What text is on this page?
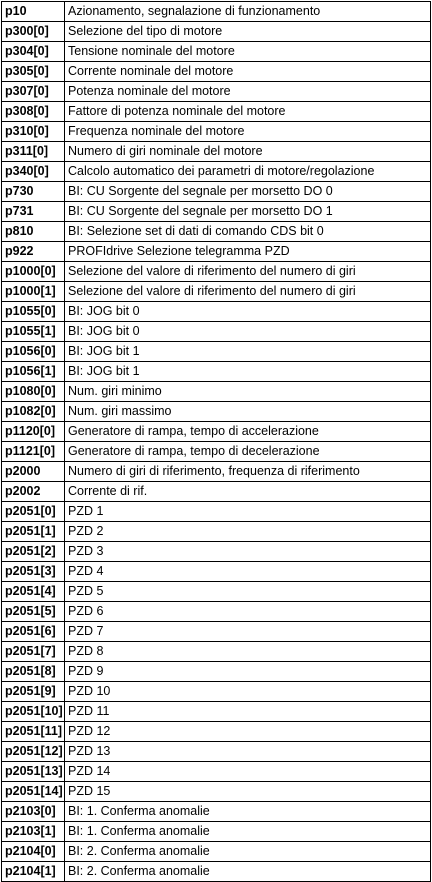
p10	Azionamento, segnalazione di funzionamento
p300[0]	Selezione del tipo di motore
p304[0]	Tensione nominale del motore
p305[0]	Corrente nominale del motore
p307[0]	Potenza nominale del motore
p308[0]	Fattore di potenza nominale del motore
p310[0]	Frequenza nominale del motore
p311[0]	Numero di giri nominale del motore
p340[0]	Calcolo automatico dei parametri di motore/regolazione
p730	BI: CU Sorgente del segnale per morsetto DO 0
p731	BI: CU Sorgente del segnale per morsetto DO 1
p810	BI: Selezione set di dati di comando CDS bit 0
p922	PROFIdrive Selezione telegramma PZD
p1000[0]	Selezione del valore di riferimento del numero di giri
p1000[1]	Selezione del valore di riferimento del numero di giri
p1055[0]	BI: JOG bit 0
p1055[1]	BI: JOG bit 0
p1056[0]	BI: JOG bit 1
p1056[1]	BI: JOG bit 1
p1080[0]	Num. giri minimo
p1082[0]	Num. giri massimo
p1120[0]	Generatore di rampa, tempo di accelerazione
p1121[0]	Generatore di rampa, tempo di decelerazione
p2000	Numero di giri di riferimento, frequenza di riferimento
p2002	Corrente di rif.
p2051[0]	PZD 1
p2051[1]	PZD 2
p2051[2]	PZD 3
p2051[3]	PZD 4
p2051[4]	PZD 5
p2051[5]	PZD 6
p2051[6]	PZD 7
p2051[7]	PZD 8
p2051[8]	PZD 9
p2051[9]	PZD 10
p2051[10]	PZD 11
p2051[11]	PZD 12
p2051[12]	PZD 13
p2051[13]	PZD 14
p2051[14]	PZD 15
p2103[0]	BI: 1. Conferma anomalie
p2103[1]	BI: 1. Conferma anomalie
p2104[0]	BI: 2. Conferma anomalie
p2104[1]	BI: 2. Conferma anomalie
